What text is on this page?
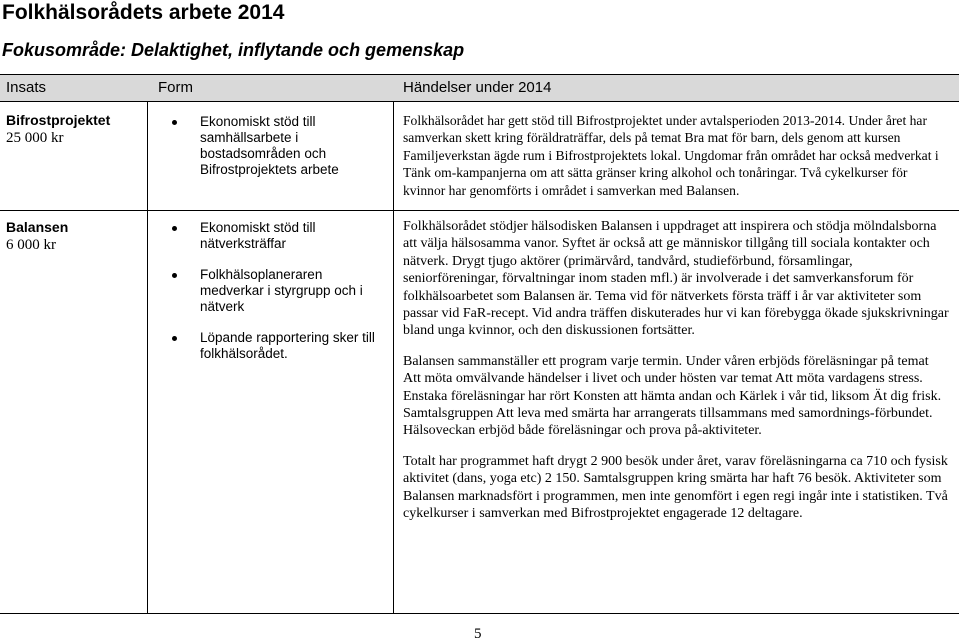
Folkhälsorådets arbete 2014
Fokusområde: Delaktighet, inflytande och gemenskap
Insats	Form	Händelser under 2014
Bifrostprojektet
25 000 kr
Ekonomiskt stöd till samhällsarbete i bostadsområden och Bifrostprojektets arbete

Folkhälsorådet har gett stöd till Bifrostprojektet under avtalsperioden 2013-2014. Under året har samverkan skett kring föräldraträffar, dels på temat Bra mat för barn, dels genom att kursen Familjeverkstan ägde rum i Bifrostprojektets lokal. Ungdomar från området har också medverkat i Tänk om-kampanjerna om att sätta gränser kring alkohol och tonåringar. Två cykelkurser för kvinnor har genomförts i området i samverkan med Balansen.

Balansen
6 000 kr
Ekonomiskt stöd till nätverksträffar
Folkhälsoplaneraren medverkar i styrgrupp och i nätverk
Löpande rapportering sker till folkhälsorådet.

Folkhälsorådet stödjer hälsodisken Balansen i uppdraget att inspirera och stödja mölndalsborna att välja hälsosamma vanor. Syftet är också att ge människor tillgång till sociala kontakter och nätverk. Drygt tjugo aktörer (primärvård, tandvård, studieförbund, församlingar, seniorföreningar, förvaltningar inom staden mfl.) är involverade i det samverkansforum för folkhälsoarbetet som Balansen är. Tema vid för nätverkets första träff i år var aktiviteter som passar vid FaR-recept. Vid andra träffen diskuterades hur vi kan förebygga ökade sjukskrivningar bland unga kvinnor, och den diskussionen fortsätter.

Balansen sammanställer ett program varje termin. Under våren erbjöds föreläsningar på temat Att möta omvälvande händelser i livet och under hösten var temat Att möta vardagens stress. Enstaka föreläsningar har rört Konsten att hämta andan och Kärlek i vår tid, liksom Ät dig frisk. Samtalsgruppen Att leva med smärta har arrangerats tillsammans med samordnings-förbundet. Hälsoveckan erbjöd både föreläsningar och prova på-aktiviteter.

Totalt har programmet haft drygt 2 900 besök under året, varav föreläsningarna ca 710 och fysisk aktivitet (dans, yoga etc) 2 150. Samtalsgruppen kring smärta har haft 76 besök. Aktiviteter som Balansen marknadsfört i programmen, men inte genomfört i egen regi ingår inte i statistiken. Två cykelkurser i samverkan med Bifrostprojektet engagerade 12 deltagare.

5
